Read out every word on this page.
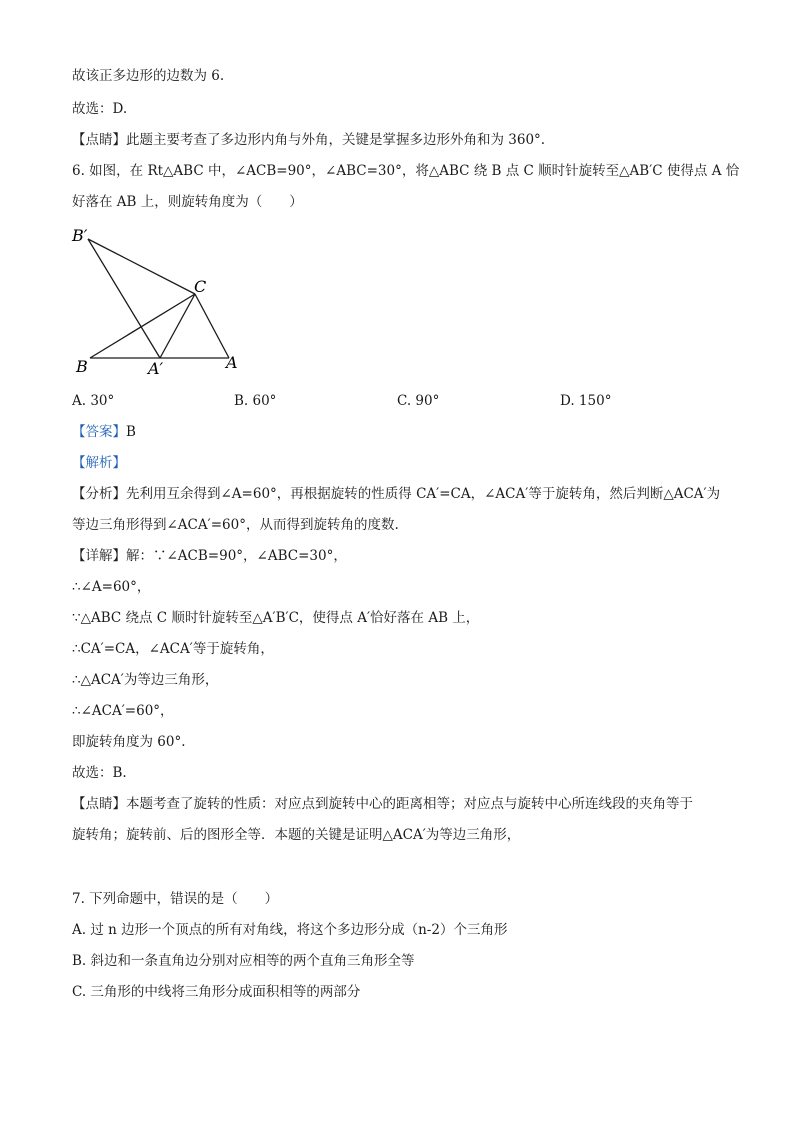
故该正多边形的边数为 6.
故选：D.
【点睛】此题主要考查了多边形内角与外角，关键是掌握多边形外角和为 360°.
6. 如图，在 Rt△ABC 中，∠ACB=90°，∠ABC=30°，将△ABC 绕 B 点 C 顺时针旋转至△AB′C 使得点 A 恰
好落在 AB 上，则旋转角度为（　　）
B′
C
B	A′	A
A. 30°	B. 60°	C. 90°	D. 150°
【答案】B
【解析】
【分析】先利用互余得到∠A=60°，再根据旋转的性质得 CA′=CA，∠ACA′等于旋转角，然后判断△ACA′为
等边三角形得到∠ACA′=60°，从而得到旋转角的度数.
【详解】解：∵∠ACB=90°，∠ABC=30°，
∴∠A=60°，
∵△ABC 绕点 C 顺时针旋转至△A′B′C，使得点 A′恰好落在 AB 上，
∴CA′=CA，∠ACA′等于旋转角，
∴△ACA′为等边三角形，
∴∠ACA′=60°，
即旋转角度为 60°.
故选：B.
【点睛】本题考查了旋转的性质：对应点到旋转中心的距离相等；对应点与旋转中心所连线段的夹角等于
旋转角；旋转前、后的图形全等．本题的关键是证明△ACA′为等边三角形，
7. 下列命题中，错误的是（　　）
A. 过 n 边形一个顶点的所有对角线，将这个多边形分成（n-2）个三角形
B. 斜边和一条直角边分别对应相等的两个直角三角形全等
C. 三角形的中线将三角形分成面积相等的两部分
